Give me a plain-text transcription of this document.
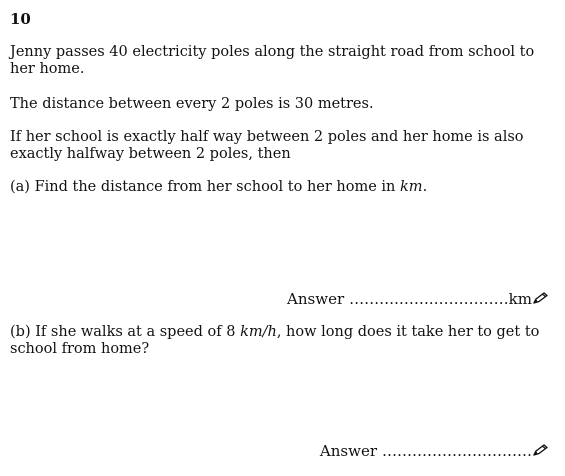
10

Jenny passes 40 electricity poles along the straight road from school to her home.

The distance between every 2 poles is 30 metres.

If her school is exactly half way between 2 poles and her home is also exactly halfway between 2 poles, then

(a) Find the distance from her school to her home in km.

Answer ……….…….…………… km

(b) If she walks at a speed of 8 km/h, how long does it take her to get to school from home?

Answer …………………………
